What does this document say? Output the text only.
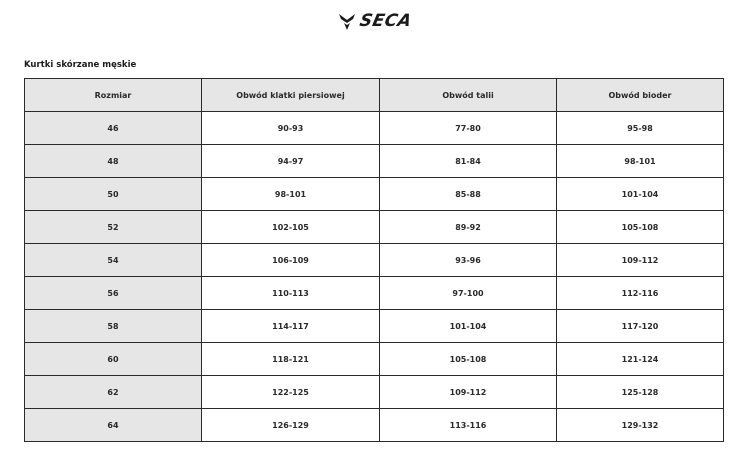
SECA
Kurtki skórzane męskie
Rozmiar	Obwód klatki piersiowej	Obwód talii	Obwód bioder
46	90-93	77-80	95-98
48	94-97	81-84	98-101
50	98-101	85-88	101-104
52	102-105	89-92	105-108
54	106-109	93-96	109-112
56	110-113	97-100	112-116
58	114-117	101-104	117-120
60	118-121	105-108	121-124
62	122-125	109-112	125-128
64	126-129	113-116	129-132
